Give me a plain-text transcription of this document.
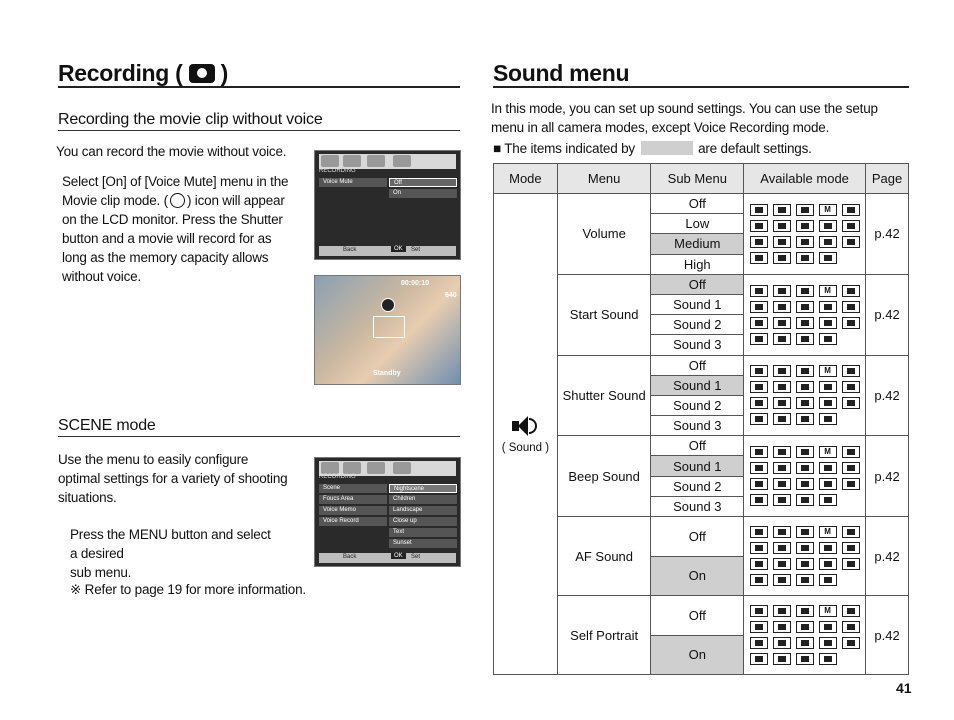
Recording ( )
Recording the movie clip without voice
You can record the movie without voice.
Select [On] of [Voice Mute] menu in the
Movie clip mode. ( ) icon will appear
on the LCD monitor. Press the Shutter
button and a movie will record for as
long as the memory capacity allows
without voice.
RECORDING
Voice Mute	Off
On
Back	OK	Set
00:00:10
640
Standby
SCENE mode
Use the menu to easily configure
optimal settings for a variety of shooting
situations.
Press the MENU button and select
a desired
sub menu.
※ Refer to page 19 for more information.
RECORDING
Scene
Foucs Area
Voice Memo
Voice Record
Nightscene
Children
Landscape
Close up
Text
Sunset
Back	OK	Set
Sound menu
In this mode, you can set up sound settings. You can use the setup
menu in all camera modes, except Voice Recording mode.
■ The items indicated by	are default settings.
Mode	Menu	Sub Menu	Available mode	Page

( Sound )	Volume	Off	M	p.42
		Low		
		Medium		
		High		
	Start Sound	Off	M	p.42
		Sound 1		
		Sound 2		
		Sound 3		
	Shutter Sound	Off	M	p.42
		Sound 1		
		Sound 2		
		Sound 3		
	Beep Sound	Off	M	p.42
		Sound 1		
		Sound 2		
		Sound 3		
	AF Sound	Off	M	p.42
		On		
	Self Portrait	Off	M	p.42
		On		
41
